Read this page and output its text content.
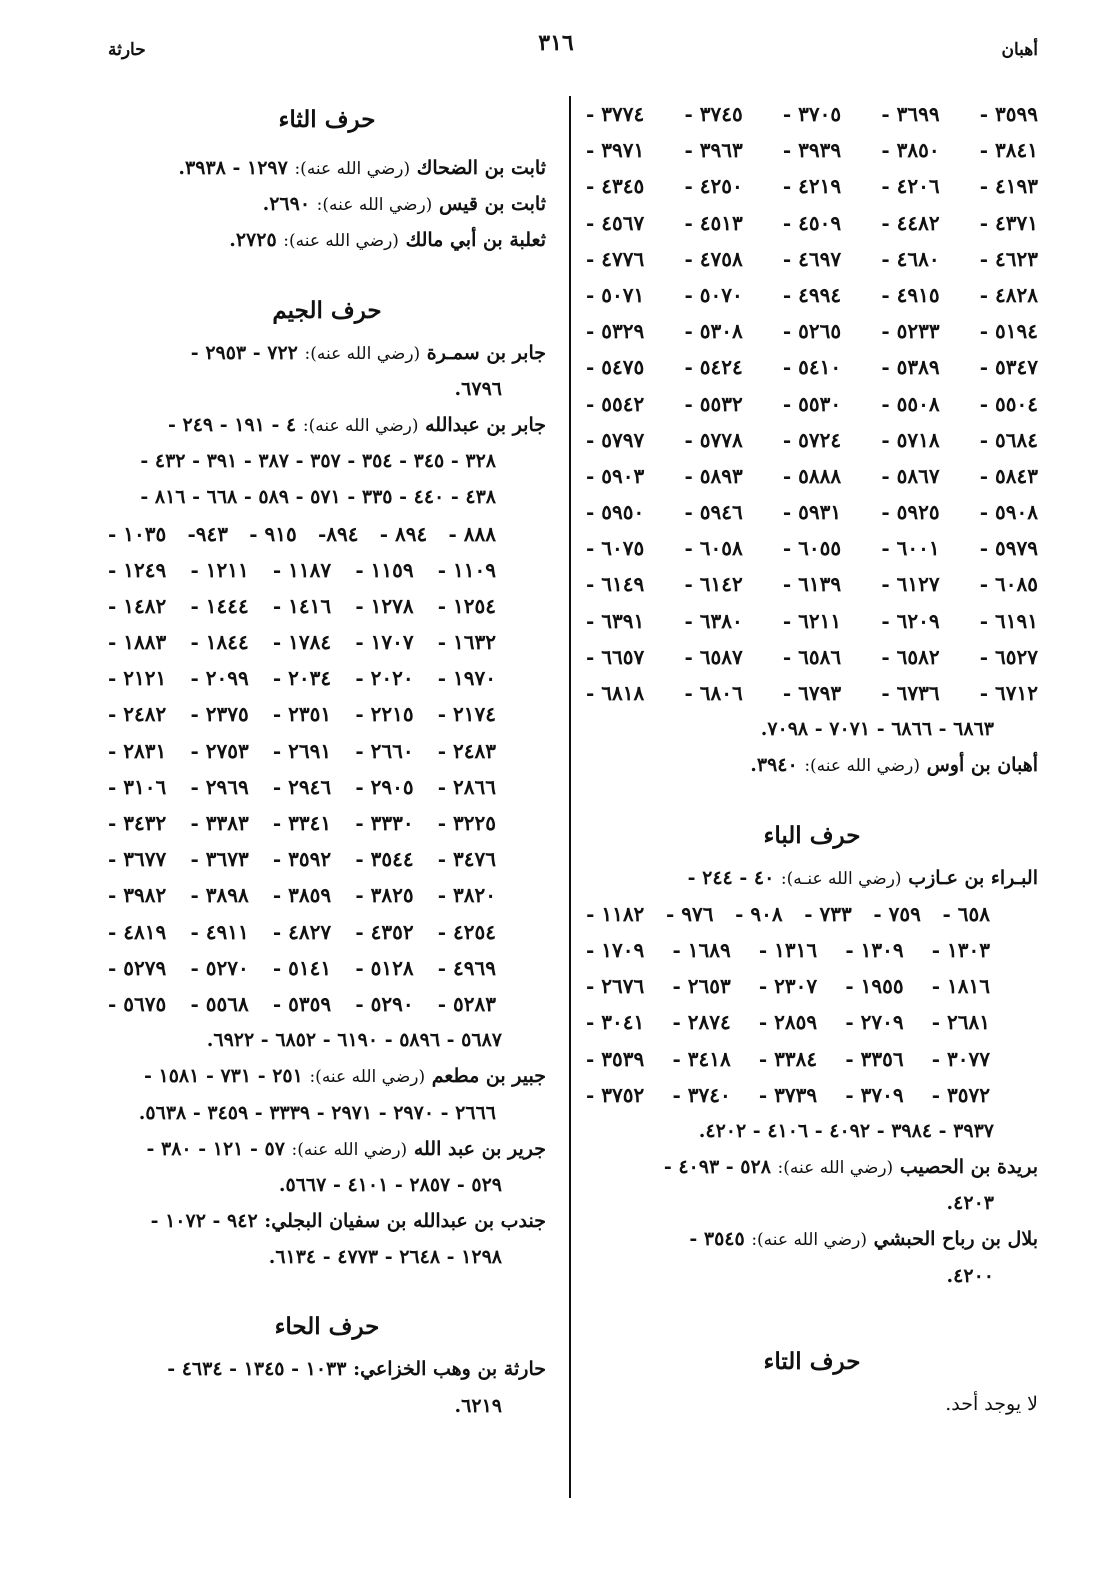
أهبان
٣١٦
حارثة
٣٥٩٩ -
٣٦٩٩ -
٣٧٠٥ -
٣٧٤٥ -
٣٧٧٤ -
٣٨٤١ -
٣٨٥٠ -
٣٩٣٩ -
٣٩٦٣ -
٣٩٧١ -
٤١٩٣ -
٤٢٠٦ -
٤٢١٩ -
٤٢٥٠ -
٤٣٤٥ -
٤٣٧١ -
٤٤٨٢ -
٤٥٠٩ -
٤٥١٣ -
٤٥٦٧ -
٤٦٢٣ -
٤٦٨٠ -
٤٦٩٧ -
٤٧٥٨ -
٤٧٧٦ -
٤٨٢٨ -
٤٩١٥ -
٤٩٩٤ -
٥٠٧٠ -
٥٠٧١ -
٥١٩٤ -
٥٢٣٣ -
٥٢٦٥ -
٥٣٠٨ -
٥٣٢٩ -
٥٣٤٧ -
٥٣٨٩ -
٥٤١٠ -
٥٤٢٤ -
٥٤٧٥ -
٥٥٠٤ -
٥٥٠٨ -
٥٥٣٠ -
٥٥٣٢ -
٥٥٤٢ -
٥٦٨٤ -
٥٧١٨ -
٥٧٢٤ -
٥٧٧٨ -
٥٧٩٧ -
٥٨٤٣ -
٥٨٦٧ -
٥٨٨٨ -
٥٨٩٣ -
٥٩٠٣ -
٥٩٠٨ -
٥٩٢٥ -
٥٩٣١ -
٥٩٤٦ -
٥٩٥٠ -
٥٩٧٩ -
٦٠٠١ -
٦٠٥٥ -
٦٠٥٨ -
٦٠٧٥ -
٦٠٨٥ -
٦١٢٧ -
٦١٣٩ -
٦١٤٢ -
٦١٤٩ -
٦١٩١ -
٦٢٠٩ -
٦٢١١ -
٦٣٨٠ -
٦٣٩١ -
٦٥٢٧ -
٦٥٨٢ -
٦٥٨٦ -
٦٥٨٧ -
٦٦٥٧ -
٦٧١٢ -
٦٧٣٦ -
٦٧٩٣ -
٦٨٠٦ -
٦٨١٨ -
٦٨٦٣ - ٦٨٦٦ - ٧٠٧١ - ٧٠٩٨.
أهبان بن أوس (رضي الله عنه): ٣٩٤٠.
حرف الباء
البـراء بن عـازب (رضي الله عنـه): ٤٠ - ٢٤٤ -
٦٥٨ -
٧٥٩ -
٧٣٣ -
٩٠٨ -
٩٧٦ -
١١٨٢ -
١٣٠٣ -
١٣٠٩ -
١٣١٦ -
١٦٨٩ -
١٧٠٩ -
١٨١٦ -
١٩٥٥ -
٢٣٠٧ -
٢٦٥٣ -
٢٦٧٦ -
٢٦٨١ -
٢٧٠٩ -
٢٨٥٩ -
٢٨٧٤ -
٣٠٤١ -
٣٠٧٧ -
٣٣٥٦ -
٣٣٨٤ -
٣٤١٨ -
٣٥٣٩ -
٣٥٧٢ -
٣٧٠٩ -
٣٧٣٩ -
٣٧٤٠ -
٣٧٥٢ -
٣٩٣٧ - ٣٩٨٤ - ٤٠٩٢ - ٤١٠٦ - ٤٢٠٢.
بريدة بن الحصيب (رضي الله عنه): ٥٢٨ - ٤٠٩٣ -
٤٢٠٣.
بلال بن رباح الحبشي (رضي الله عنه): ٣٥٤٥ -
٤٢٠٠.
حرف التاء
لا يوجد أحد.
حرف الثاء
ثابت بن الضحاك (رضي الله عنه): ١٢٩٧ - ٣٩٣٨.
ثابت بن قيس (رضي الله عنه): ٢٦٩٠.
ثعلبة بن أبي مالك (رضي الله عنه): ٢٧٢٥.
حرف الجيم
جابر بن سمـرة (رضي الله عنه): ٧٢٢ - ٢٩٥٣ -
٦٧٩٦.
جابر بن عبدالله (رضي الله عنه): ٤ - ١٩١ - ٢٤٩ -
٣٢٨ - ٣٤٥ - ٣٥٤ - ٣٥٧ - ٣٨٧ - ٣٩١ - ٤٣٢ -
٤٣٨ - ٤٤٠ - ٣٣٥ - ٥٧١ - ٥٨٩ - ٦٦٨ - ٨١٦ -
٨٨٨ -
٨٩٤ -
٨٩٤-
٩١٥ -
٩٤٣-
١٠٣٥ -
١١٠٩ -
١١٥٩ -
١١٨٧ -
١٢١١ -
١٢٤٩ -
١٢٥٤ -
١٢٧٨ -
١٤١٦ -
١٤٤٤ -
١٤٨٢ -
١٦٣٢ -
١٧٠٧ -
١٧٨٤ -
١٨٤٤ -
١٨٨٣ -
١٩٧٠ -
٢٠٢٠ -
٢٠٣٤ -
٢٠٩٩ -
٢١٢١ -
٢١٧٤ -
٢٢١٥ -
٢٣٥١ -
٢٣٧٥ -
٢٤٨٢ -
٢٤٨٣ -
٢٦٦٠ -
٢٦٩١ -
٢٧٥٣ -
٢٨٣١ -
٢٨٦٦ -
٢٩٠٥ -
٢٩٤٦ -
٢٩٦٩ -
٣١٠٦ -
٣٢٢٥ -
٣٣٣٠ -
٣٣٤١ -
٣٣٨٣ -
٣٤٣٢ -
٣٤٧٦ -
٣٥٤٤ -
٣٥٩٢ -
٣٦٧٣ -
٣٦٧٧ -
٣٨٢٠ -
٣٨٢٥ -
٣٨٥٩ -
٣٨٩٨ -
٣٩٨٢ -
٤٢٥٤ -
٤٣٥٢ -
٤٨٢٧ -
٤٩١١ -
٤٨١٩ -
٤٩٦٩ -
٥١٢٨ -
٥١٤١ -
٥٢٧٠ -
٥٢٧٩ -
٥٢٨٣ -
٥٢٩٠ -
٥٣٥٩ -
٥٥٦٨ -
٥٦٧٥ -
٥٦٨٧ - ٥٨٩٦ - ٦١٩٠ - ٦٨٥٢ - ٦٩٢٢.
جبير بن مطعم (رضي الله عنه): ٢٥١ - ٧٣١ - ١٥٨١ -
٢٦٦٦ - ٢٩٧٠ - ٢٩٧١ - ٣٣٣٩ - ٣٤٥٩ - ٥٦٣٨.
جرير بن عبد الله (رضي الله عنه): ٥٧ - ١٢١ - ٣٨٠ -
٥٢٩ - ٢٨٥٧ - ٤١٠١ - ٥٦٦٧.
جندب بن عبدالله بن سفيان البجلي: ٩٤٢ - ١٠٧٢ -
١٢٩٨ - ٢٦٤٨ - ٤٧٧٣ - ٦١٣٤.
حرف الحاء
حارثة بن وهب الخزاعي: ١٠٣٣ - ١٣٤٥ - ٤٦٣٤ -
٦٢١٩.
